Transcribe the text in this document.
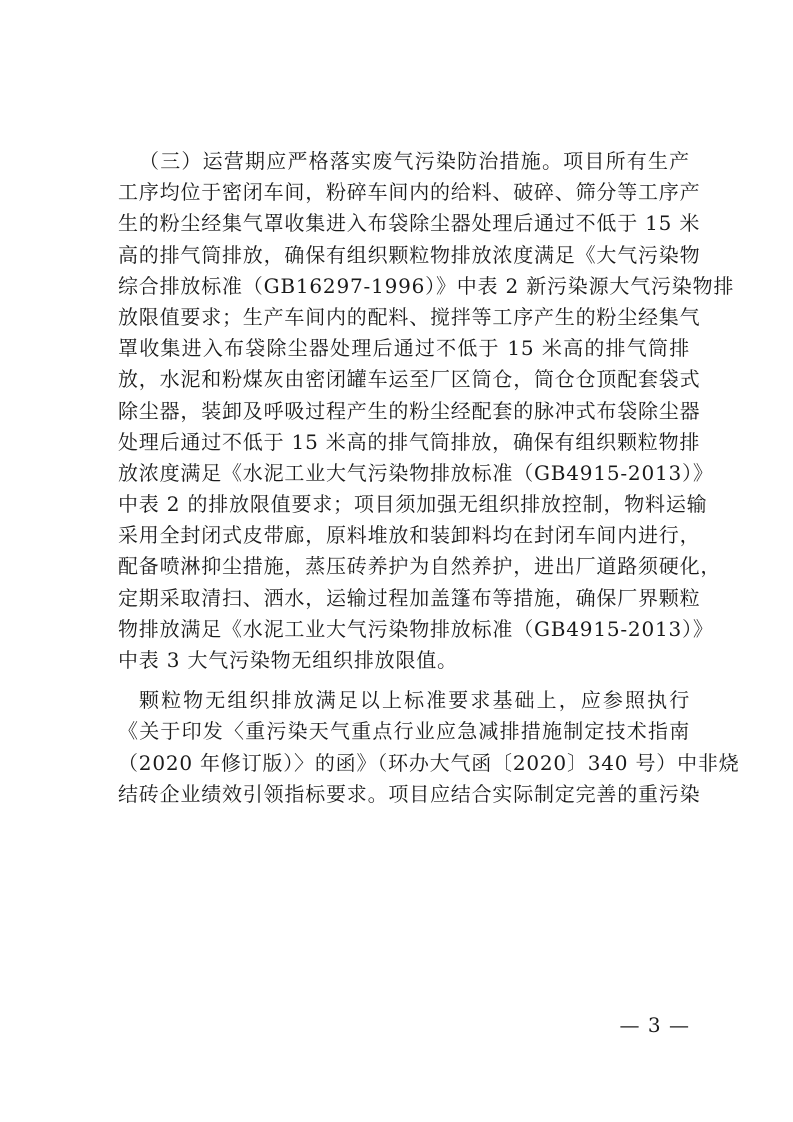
（三）运营期应严格落实废气污染防治措施。项目所有生产
工序均位于密闭车间，粉碎车间内的给料、破碎、筛分等工序产
生的粉尘经集气罩收集进入布袋除尘器处理后通过不低于 15 米
高的排气筒排放，确保有组织颗粒物排放浓度满足《大气污染物
综合排放标准（GB16297-1996）》中表 2 新污染源大气污染物排
放限值要求；生产车间内的配料、搅拌等工序产生的粉尘经集气
罩收集进入布袋除尘器处理后通过不低于 15 米高的排气筒排
放，水泥和粉煤灰由密闭罐车运至厂区筒仓，筒仓仓顶配套袋式
除尘器，装卸及呼吸过程产生的粉尘经配套的脉冲式布袋除尘器
处理后通过不低于 15 米高的排气筒排放，确保有组织颗粒物排
放浓度满足《水泥工业大气污染物排放标准（GB4915-2013）》
中表 2 的排放限值要求；项目须加强无组织排放控制，物料运输
采用全封闭式皮带廊，原料堆放和装卸料均在封闭车间内进行，
配备喷淋抑尘措施，蒸压砖养护为自然养护，进出厂道路须硬化，
定期采取清扫、洒水，运输过程加盖篷布等措施，确保厂界颗粒
物排放满足《水泥工业大气污染物排放标准（GB4915-2013）》
中表 3 大气污染物无组织排放限值。
颗粒物无组织排放满足以上标准要求基础上，应参照执行
《关于印发〈重污染天气重点行业应急减排措施制定技术指南
（2020 年修订版）〉的函》（环办大气函〔2020〕340 号）中非烧
结砖企业绩效引领指标要求。项目应结合实际制定完善的重污染
— 3 —
